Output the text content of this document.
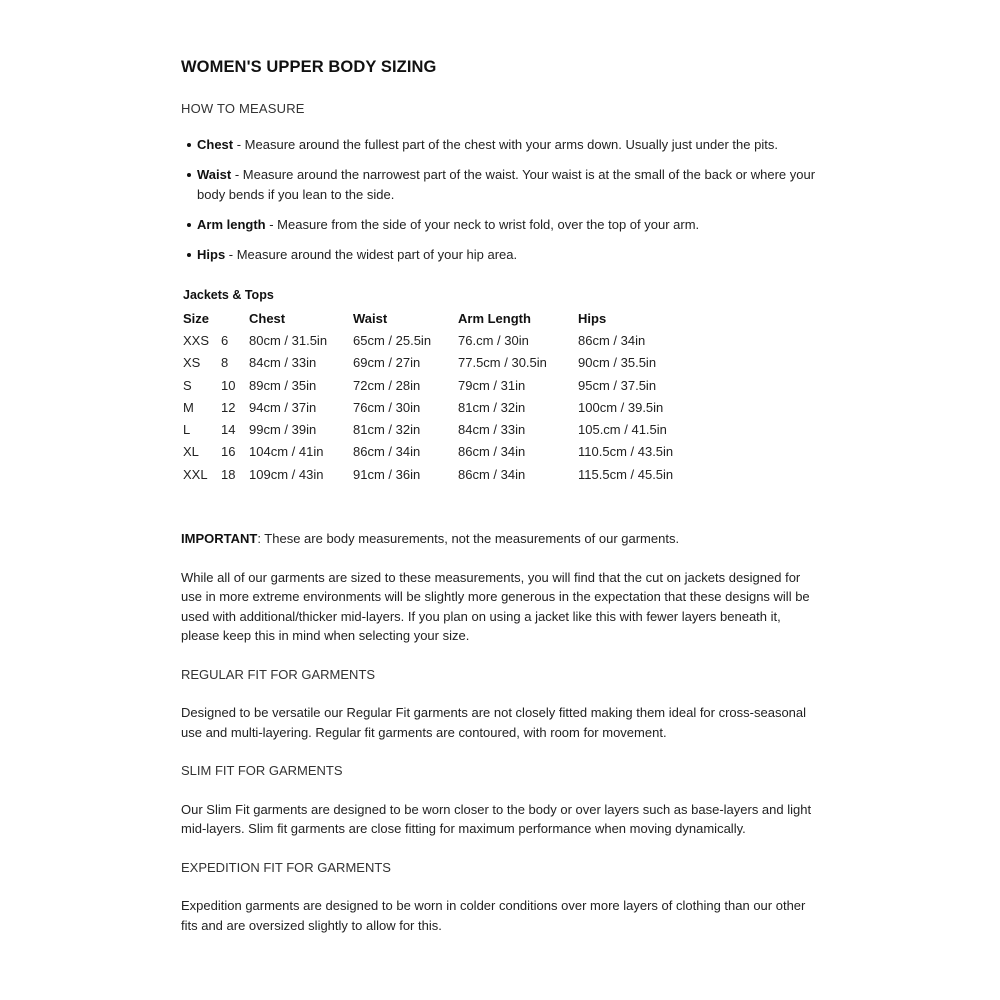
WOMEN'S UPPER BODY SIZING
HOW TO MEASURE
Chest - Measure around the fullest part of the chest with your arms down. Usually just under the pits.
Waist - Measure around the narrowest part of the waist. Your waist is at the small of the back or where your body bends if you lean to the side.
Arm length - Measure from the side of your neck to wrist fold, over the top of your arm.
Hips - Measure around the widest part of your hip area.
Jackets & Tops
Size		Chest	Waist	Arm Length	Hips
XXS	6	80cm / 31.5in	65cm / 25.5in	76.cm / 30in	86cm / 34in
XS	8	84cm / 33in	69cm / 27in	77.5cm / 30.5in	90cm / 35.5in
S	10	89cm / 35in	72cm / 28in	79cm / 31in	95cm / 37.5in
M	12	94cm / 37in	76cm / 30in	81cm / 32in	100cm / 39.5in
L	14	99cm / 39in	81cm / 32in	84cm / 33in	105.cm / 41.5in
XL	16	104cm / 41in	86cm / 34in	86cm / 34in	110.5cm / 43.5in
XXL	18	109cm / 43in	91cm / 36in	86cm / 34in	115.5cm / 45.5in
IMPORTANT: These are body measurements, not the measurements of our garments.
While all of our garments are sized to these measurements, you will find that the cut on jackets designed for use in more extreme environments will be slightly more generous in the expectation that these designs will be used with additional/thicker mid-layers. If you plan on using a jacket like this with fewer layers beneath it, please keep this in mind when selecting your size.
REGULAR FIT FOR GARMENTS
Designed to be versatile our Regular Fit garments are not closely fitted making them ideal for cross-seasonal use and multi-layering. Regular fit garments are contoured, with room for movement.
SLIM FIT FOR GARMENTS
Our Slim Fit garments are designed to be worn closer to the body or over layers such as base-layers and light mid-layers. Slim fit garments are close fitting for maximum performance when moving dynamically.
EXPEDITION FIT FOR GARMENTS
Expedition garments are designed to be worn in colder conditions over more layers of clothing than our other fits and are oversized slightly to allow for this.
